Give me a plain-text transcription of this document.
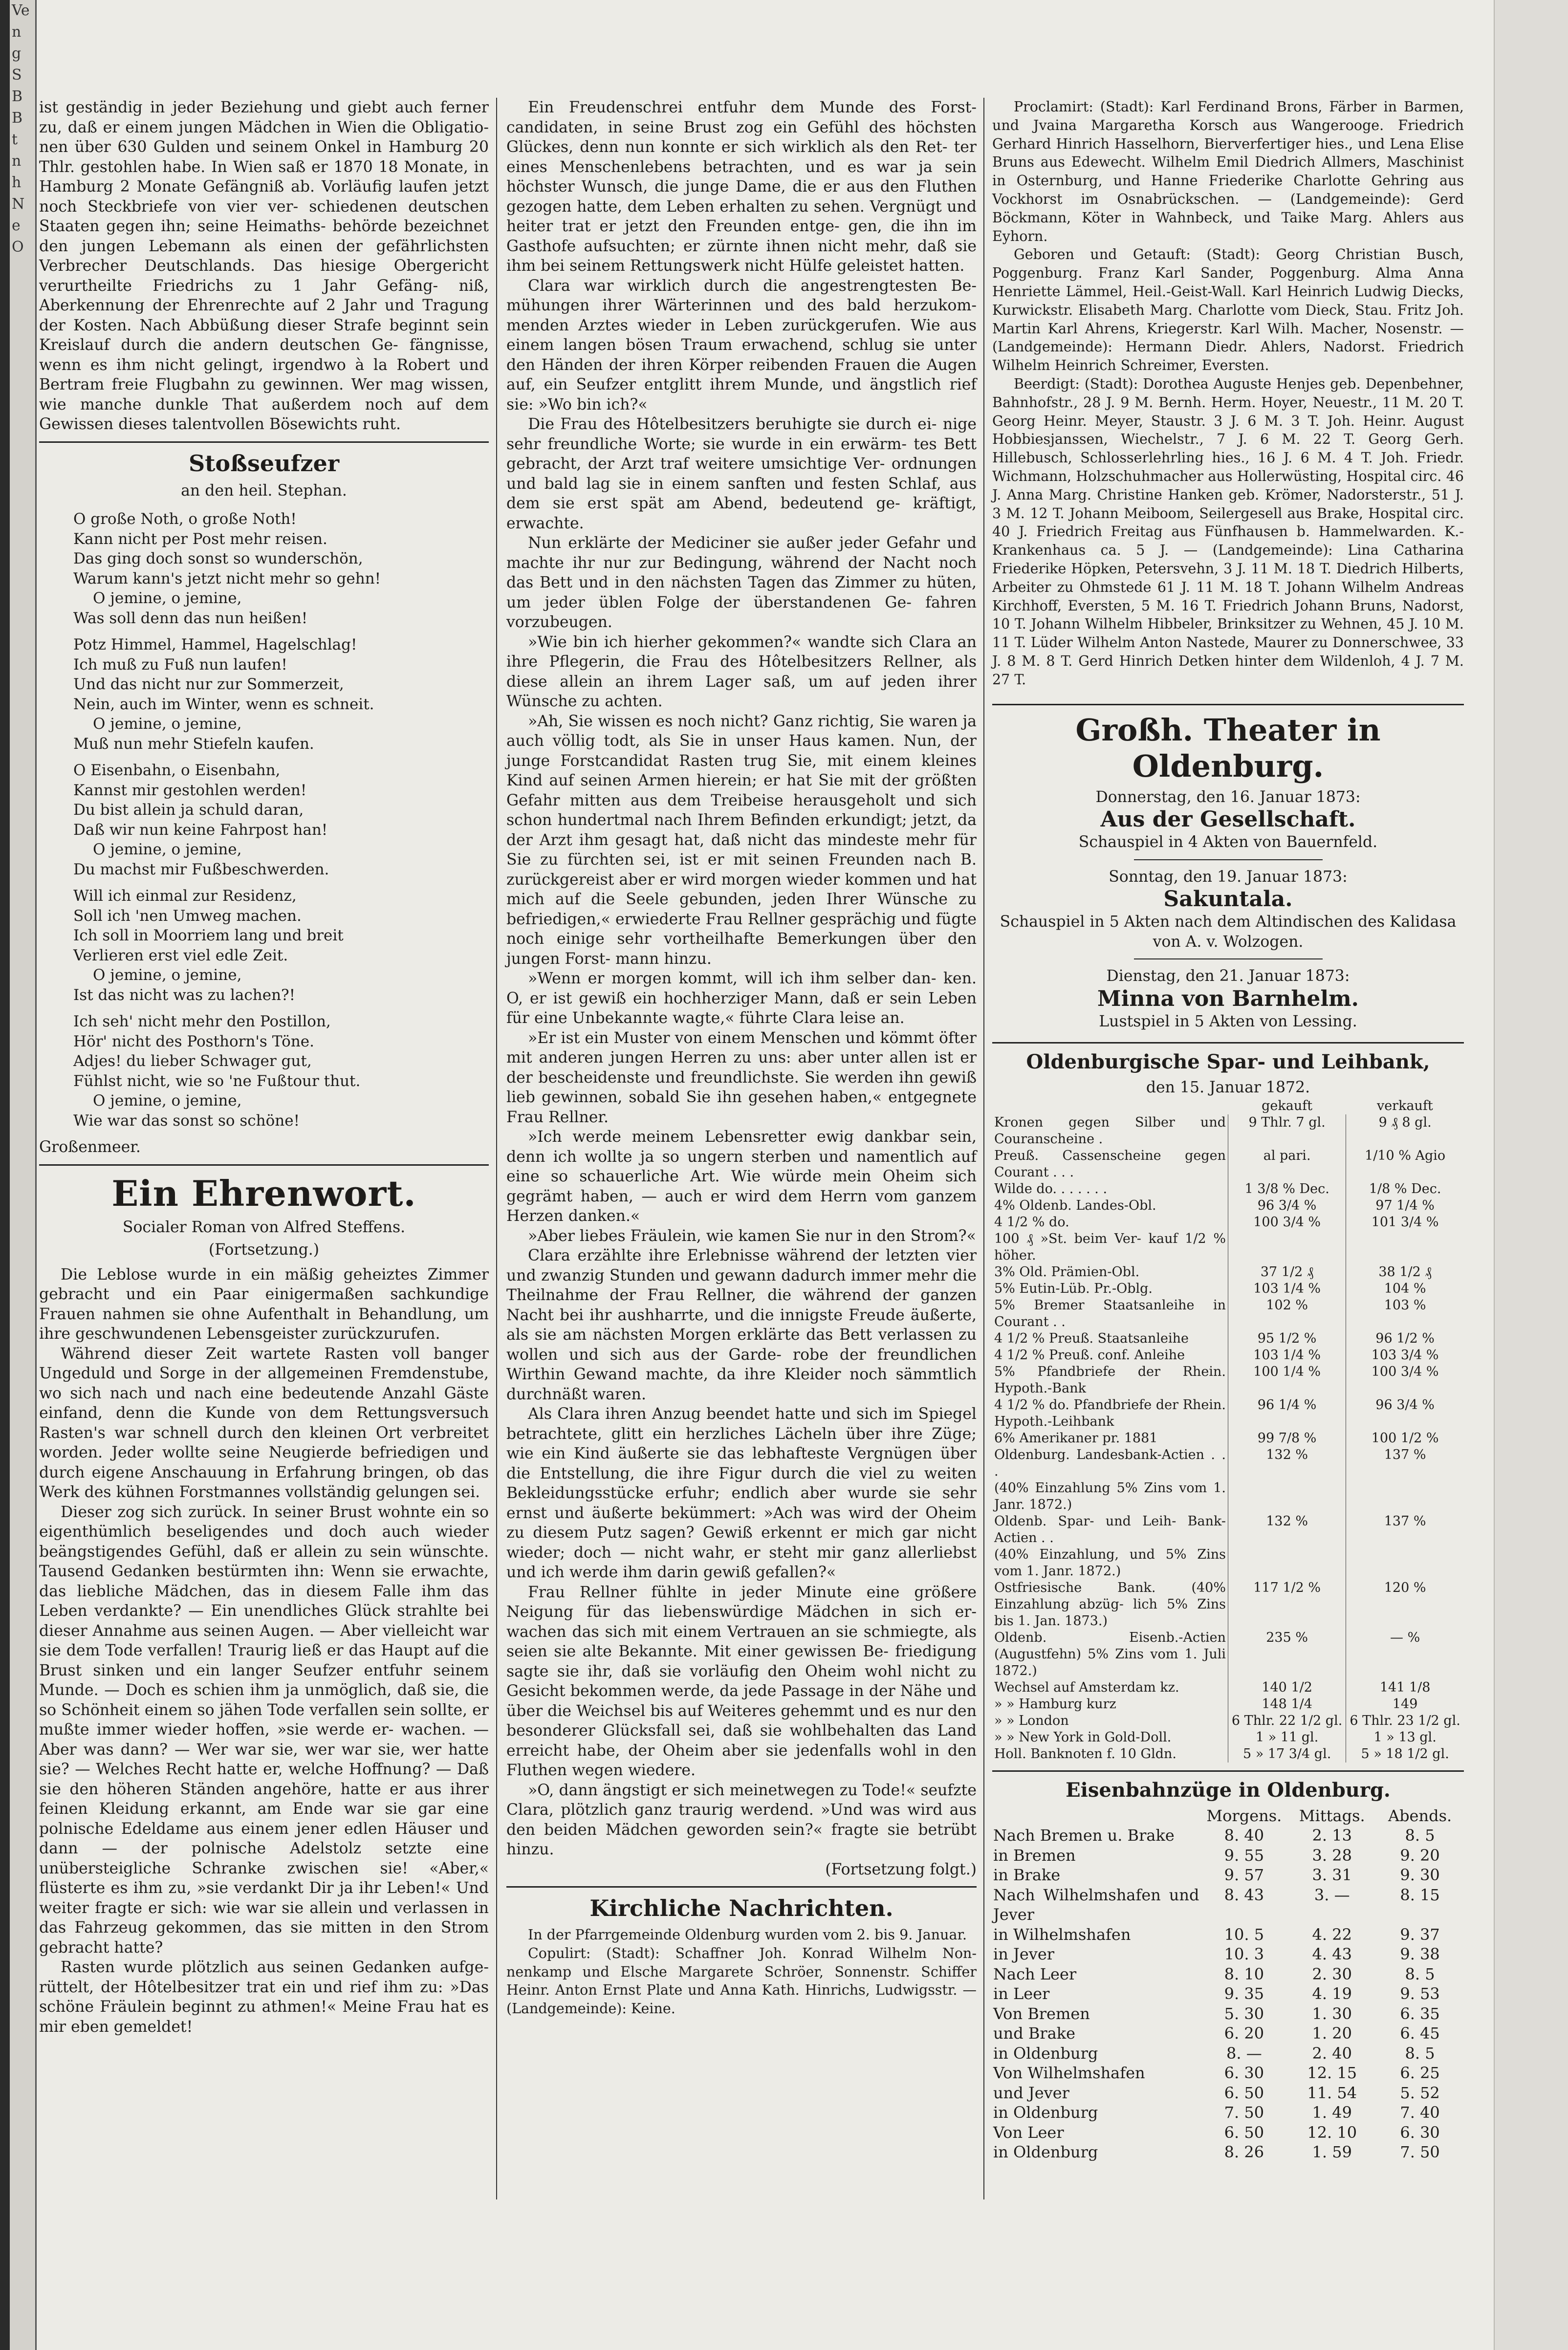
Ve
n
g
S
B
B
t
n
h
N
e
O

ist geständig in jeder Beziehung und giebt auch ferner zu, daß er einem jungen Mädchen in Wien die Obligatio- nen über 630 Gulden und seinem Onkel in Hamburg 20 Thlr. gestohlen habe. In Wien saß er 1870 18 Monate, in Hamburg 2 Monate Gefängniß ab. Vorläufig laufen jetzt noch Steckbriefe von vier ver- schiedenen deutschen Staaten gegen ihn; seine Heimaths- behörde bezeichnet den jungen Lebemann als einen der gefährlichsten Verbrecher Deutschlands. Das hiesige Obergericht verurtheilte Friedrichs zu 1 Jahr Gefäng- niß, Aberkennung der Ehrenrechte auf 2 Jahr und Tragung der Kosten. Nach Abbüßung dieser Strafe beginnt sein Kreislauf durch die andern deutschen Ge- fängnisse, wenn es ihm nicht gelingt, irgendwo à la Robert und Bertram freie Flugbahn zu gewinnen. Wer mag wissen, wie manche dunkle That außerdem noch auf dem Gewissen dieses talentvollen Bösewichts ruht.

Stoßseufzer
an den heil. Stephan.
O große Noth, o große Noth!
Kann nicht per Post mehr reisen.
Das ging doch sonst so wunderschön,
Warum kann's jetzt nicht mehr so gehn!
O jemine, o jemine,
Was soll denn das nun heißen!
Potz Himmel, Hammel, Hagelschlag!
Ich muß zu Fuß nun laufen!
Und das nicht nur zur Sommerzeit,
Nein, auch im Winter, wenn es schneit.
O jemine, o jemine,
Muß nun mehr Stiefeln kaufen.
O Eisenbahn, o Eisenbahn,
Kannst mir gestohlen werden!
Du bist allein ja schuld daran,
Daß wir nun keine Fahrpost han!
O jemine, o jemine,
Du machst mir Fußbeschwerden.
Will ich einmal zur Residenz,
Soll ich 'nen Umweg machen.
Ich soll in Moorriem lang und breit
Verlieren erst viel edle Zeit.
O jemine, o jemine,
Ist das nicht was zu lachen?!
Ich seh' nicht mehr den Postillon,
Hör' nicht des Posthorn's Töne.
Adjes! du lieber Schwager gut,
Fühlst nicht, wie so 'ne Fußtour thut.
O jemine, o jemine,
Wie war das sonst so schöne!
Großenmeer.
Ein Ehrenwort.
Socialer Roman von Alfred Steffens.
(Fortsetzung.)

Die Leblose wurde in ein mäßig geheiztes Zimmer gebracht und ein Paar einigermaßen sachkundige Frauen nahmen sie ohne Aufenthalt in Behandlung, um ihre geschwundenen Lebensgeister zurückzurufen.

Während dieser Zeit wartete Rasten voll banger Ungeduld und Sorge in der allgemeinen Fremdenstube, wo sich nach und nach eine bedeutende Anzahl Gäste einfand, denn die Kunde von dem Rettungsversuch Rasten's war schnell durch den kleinen Ort verbreitet worden. Jeder wollte seine Neugierde befriedigen und durch eigene Anschauung in Erfahrung bringen, ob das Werk des kühnen Forstmannes vollständig gelungen sei.

Dieser zog sich zurück. In seiner Brust wohnte ein so eigenthümlich beseligendes und doch auch wieder beängstigendes Gefühl, daß er allein zu sein wünschte. Tausend Gedanken bestürmten ihn: Wenn sie erwachte, das liebliche Mädchen, das in diesem Falle ihm das Leben verdankte? — Ein unendliches Glück strahlte bei dieser Annahme aus seinen Augen. — Aber vielleicht war sie dem Tode verfallen! Traurig ließ er das Haupt auf die Brust sinken und ein langer Seufzer entfuhr seinem Munde. — Doch es schien ihm ja unmöglich, daß sie, die so Schönheit einem so jähen Tode verfallen sein sollte, er mußte immer wieder hoffen, »sie werde er- wachen. — Aber was dann? — Wer war sie, wer war sie, wer hatte sie? — Welches Recht hatte er, welche Hoffnung? — Daß sie den höheren Ständen angehöre, hatte er aus ihrer feinen Kleidung erkannt, am Ende war sie gar eine polnische Edeldame aus einem jener edlen Häuser und dann — der polnische Adelstolz setzte eine unübersteigliche Schranke zwischen sie! «Aber,« flüsterte es ihm zu, »sie verdankt Dir ja ihr Leben!« Und weiter fragte er sich: wie war sie allein und verlassen in das Fahrzeug gekommen, das sie mitten in den Strom gebracht hatte?

Rasten wurde plötzlich aus seinen Gedanken aufge- rüttelt, der Hôtelbesitzer trat ein und rief ihm zu: »Das schöne Fräulein beginnt zu athmen!« Meine Frau hat es mir eben gemeldet!

Ein Freudenschrei entfuhr dem Munde des Forst- candidaten, in seine Brust zog ein Gefühl des höchsten Glückes, denn nun konnte er sich wirklich als den Ret- ter eines Menschenlebens betrachten, und es war ja sein höchster Wunsch, die junge Dame, die er aus den Fluthen gezogen hatte, dem Leben erhalten zu sehen. Vergnügt und heiter trat er jetzt den Freunden entge- gen, die ihn im Gasthofe aufsuchten; er zürnte ihnen nicht mehr, daß sie ihm bei seinem Rettungswerk nicht Hülfe geleistet hatten.

Clara war wirklich durch die angestrengtesten Be- mühungen ihrer Wärterinnen und des bald herzukom- menden Arztes wieder in Leben zurückgerufen. Wie aus einem langen bösen Traum erwachend, schlug sie unter den Händen der ihren Körper reibenden Frauen die Augen auf, ein Seufzer entglitt ihrem Munde, und ängstlich rief sie: »Wo bin ich?«

Die Frau des Hôtelbesitzers beruhigte sie durch ei- nige sehr freundliche Worte; sie wurde in ein erwärm- tes Bett gebracht, der Arzt traf weitere umsichtige Ver- ordnungen und bald lag sie in einem sanften und festen Schlaf, aus dem sie erst spät am Abend, bedeutend ge- kräftigt, erwachte.

Nun erklärte der Mediciner sie außer jeder Gefahr und machte ihr nur zur Bedingung, während der Nacht noch das Bett und in den nächsten Tagen das Zimmer zu hüten, um jeder üblen Folge der überstandenen Ge- fahren vorzubeugen.

»Wie bin ich hierher gekommen?« wandte sich Clara an ihre Pflegerin, die Frau des Hôtelbesitzers Rellner, als diese allein an ihrem Lager saß, um auf jeden ihrer Wünsche zu achten.

»Ah, Sie wissen es noch nicht? Ganz richtig, Sie waren ja auch völlig todt, als Sie in unser Haus kamen. Nun, der junge Forstcandidat Rasten trug Sie, mit einem kleines Kind auf seinen Armen hierein; er hat Sie mit der größten Gefahr mitten aus dem Treibeise herausgeholt und sich schon hundertmal nach Ihrem Befinden erkundigt; jetzt, da der Arzt ihm gesagt hat, daß nicht das mindeste mehr für Sie zu fürchten sei, ist er mit seinen Freunden nach B. zurückgereist aber er wird morgen wieder kommen und hat mich auf die Seele gebunden, jeden Ihrer Wünsche zu befriedigen,« erwiederte Frau Rellner gesprächig und fügte noch einige sehr vortheilhafte Bemerkungen über den jungen Forst- mann hinzu.

»Wenn er morgen kommt, will ich ihm selber dan- ken. O, er ist gewiß ein hochherziger Mann, daß er sein Leben für eine Unbekannte wagte,« führte Clara leise an.

»Er ist ein Muster von einem Menschen und kömmt öfter mit anderen jungen Herren zu uns: aber unter allen ist er der bescheidenste und freundlichste. Sie werden ihn gewiß lieb gewinnen, sobald Sie ihn gesehen haben,« entgegnete Frau Rellner.

»Ich werde meinem Lebensretter ewig dankbar sein, denn ich wollte ja so ungern sterben und namentlich auf eine so schauerliche Art. Wie würde mein Oheim sich gegrämt haben, — auch er wird dem Herrn vom ganzem Herzen danken.«

»Aber liebes Fräulein, wie kamen Sie nur in den Strom?«

Clara erzählte ihre Erlebnisse während der letzten vier und zwanzig Stunden und gewann dadurch immer mehr die Theilnahme der Frau Rellner, die während der ganzen Nacht bei ihr aushharrte, und die innigste Freude äußerte, als sie am nächsten Morgen erklärte das Bett verlassen zu wollen und sich aus der Garde- robe der freundlichen Wirthin Gewand machte, da ihre Kleider noch sämmtlich durchnäßt waren.

Als Clara ihren Anzug beendet hatte und sich im Spiegel betrachtete, glitt ein herzliches Lächeln über ihre Züge; wie ein Kind äußerte sie das lebhafteste Vergnügen über die Entstellung, die ihre Figur durch die viel zu weiten Bekleidungsstücke erfuhr; endlich aber wurde sie sehr ernst und äußerte bekümmert: »Ach was wird der Oheim zu diesem Putz sagen? Gewiß erkennt er mich gar nicht wieder; doch — nicht wahr, er steht mir ganz allerliebst und ich werde ihm darin gewiß gefallen?«

Frau Rellner fühlte in jeder Minute eine größere Neigung für das liebenswürdige Mädchen in sich er- wachen das sich mit einem Vertrauen an sie schmiegte, als seien sie alte Bekannte. Mit einer gewissen Be- friedigung sagte sie ihr, daß sie vorläufig den Oheim wohl nicht zu Gesicht bekommen werde, da jede Passage in der Nähe und über die Weichsel bis auf Weiteres gehemmt und es nur den besonderer Glücksfall sei, daß sie wohlbehalten das Land erreicht habe, der Oheim aber sie jedenfalls wohl in den Fluthen wegen wiedere.

»O, dann ängstigt er sich meinetwegen zu Tode!« seufzte Clara, plötzlich ganz traurig werdend. »Und was wird aus den beiden Mädchen geworden sein?« fragte sie betrübt hinzu.

(Fortsetzung folgt.)

Kirchliche Nachrichten.

In der Pfarrgemeinde Oldenburg wurden vom 2. bis 9. Januar.

Copulirt: (Stadt): Schaffner Joh. Konrad Wilhelm Non- nenkamp und Elsche Margarete Schröer, Sonnenstr. Schiffer Heinr. Anton Ernst Plate und Anna Kath. Hinrichs, Ludwigsstr. — (Landgemeinde): Keine.

Proclamirt: (Stadt): Karl Ferdinand Brons, Färber in Barmen, und Jvaina Margaretha Korsch aus Wangerooge. Friedrich Gerhard Hinrich Hasselhorn, Bierverfertiger hies., und Lena Elise Bruns aus Edewecht. Wilhelm Emil Diedrich Allmers, Maschinist in Osternburg, und Hanne Friederike Charlotte Gehring aus Vockhorst im Osnabrückschen. — (Landgemeinde): Gerd Böckmann, Köter in Wahnbeck, und Taike Marg. Ahlers aus Eyhorn.

Geboren und Getauft: (Stadt): Georg Christian Busch, Poggenburg. Franz Karl Sander, Poggenburg. Alma Anna Henriette Lämmel, Heil.-Geist-Wall. Karl Heinrich Ludwig Diecks, Kurwickstr. Elisabeth Marg. Charlotte vom Dieck, Stau. Fritz Joh. Martin Karl Ahrens, Kriegerstr. Karl Wilh. Macher, Nosenstr. — (Landgemeinde): Hermann Diedr. Ahlers, Nadorst. Friedrich Wilhelm Heinrich Schreimer, Eversten.

Beerdigt: (Stadt): Dorothea Auguste Henjes geb. Depenbehner, Bahnhofstr., 28 J. 9 M. Bernh. Herm. Hoyer, Neuestr., 11 M. 20 T. Georg Heinr. Meyer, Staustr. 3 J. 6 M. 3 T. Joh. Heinr. August Hobbiesjanssen, Wiechelstr., 7 J. 6 M. 22 T. Georg Gerh. Hillebusch, Schlosserlehrling hies., 16 J. 6 M. 4 T. Joh. Friedr. Wichmann, Holzschuhmacher aus Hollerwüsting, Hospital circ. 46 J. Anna Marg. Christine Hanken geb. Krömer, Nadorsterstr., 51 J. 3 M. 12 T. Johann Meiboom, Seilergesell aus Brake, Hospital circ. 40 J. Friedrich Freitag aus Fünfhausen b. Hammelwarden. K.-Krankenhaus ca. 5 J. — (Landgemeinde): Lina Catharina Friederike Höpken, Petersvehn, 3 J. 11 M. 18 T. Diedrich Hilberts, Arbeiter zu Ohmstede 61 J. 11 M. 18 T. Johann Wilhelm Andreas Kirchhoff, Eversten, 5 M. 16 T. Friedrich Johann Bruns, Nadorst, 10 T. Johann Wilhelm Hibbeler, Brinksitzer zu Wehnen, 45 J. 10 M. 11 T. Lüder Wilhelm Anton Nastede, Maurer zu Donnerschwee, 33 J. 8 M. 8 T. Gerd Hinrich Detken hinter dem Wildenloh, 4 J. 7 M. 27 T.

Großh. Theater in Oldenburg.
Donnerstag, den 16. Januar 1873:
Aus der Gesellschaft.
Schauspiel in 4 Akten von Bauernfeld.
Sonntag, den 19. Januar 1873:
Sakuntala.
Schauspiel in 5 Akten nach dem Altindischen des Kalidasa von A. v. Wolzogen.
Dienstag, den 21. Januar 1873:
Minna von Barnhelm.
Lustspiel in 5 Akten von Lessing.
Oldenburgische Spar- und Leihbank,
den 15. Januar 1872.
	gekauft	verkauft
Kronen gegen Silber und Couranscheine .	9 Thlr. 7 gl.	9 ₰ 8 gl.
Preuß. Cassenscheine gegen Courant . . .	al pari.	1/10 % Agio
Wilde do. . . . . . .	1 3/8 % Dec.	1/8 % Dec.
4% Oldenb. Landes-Obl.	96 3/4 %	97 1/4 %
4 1/2 % do.	100 3/4 %	101 3/4 %
100 ₰ »St. beim Ver- kauf 1/2 % höher.		
3% Old. Prämien-Obl.	37 1/2 ₰	38 1/2 ₰
5% Eutin-Lüb. Pr.-Oblg.	103 1/4 %	104 %
5% Bremer Staatsanleihe in Courant . .	102 %	103 %
4 1/2 % Preuß. Staatsanleihe	95 1/2 %	96 1/2 %
4 1/2 % Preuß. conf. Anleihe	103 1/4 %	103 3/4 %
5% Pfandbriefe der Rhein. Hypoth.-Bank	100 1/4 %	100 3/4 %
4 1/2 % do. Pfandbriefe der Rhein. Hypoth.-Leihbank	96 1/4 %	96 3/4 %
6% Amerikaner pr. 1881	99 7/8 %	100 1/2 %
Oldenburg. Landesbank-Actien . . .	132 %	137 %
(40% Einzahlung 5% Zins vom 1. Janr. 1872.)		
Oldenb. Spar- und Leih- Bank-Actien . .	132 %	137 %
(40% Einzahlung, und 5% Zins vom 1. Janr. 1872.)		
Ostfriesische Bank. (40% Einzahlung abzüg- lich 5% Zins bis 1. Jan. 1873.)	117 1/2 %	120 %
Oldenb. Eisenb.-Actien (Augustfehn) 5% Zins vom 1. Juli 1872.)	235 %	— %
Wechsel auf Amsterdam kz.	140 1/2	141 1/8
» » Hamburg kurz	148 1/4	149
» » London	6 Thlr. 22 1/2 gl.	6 Thlr. 23 1/2 gl.
» » New York in Gold-Doll.	1 » 11 gl.	1 » 13 gl.
Holl. Banknoten f. 10 Gldn.	5 » 17 3/4 gl.	5 » 18 1/2 gl.
Eisenbahnzüge in Oldenburg.
	Morgens.	Mittags.	Abends.
Nach Bremen u. Brake	8. 40	2. 13	8. 5
in Bremen	9. 55	3. 28	9. 20
in Brake	9. 57	3. 31	9. 30
Nach Wilhelmshafen und Jever	8. 43	3. —	8. 15
in Wilhelmshafen	10. 5	4. 22	9. 37
in Jever	10. 3	4. 43	9. 38
Nach Leer	8. 10	2. 30	8. 5
in Leer	9. 35	4. 19	9. 53
Von Bremen	5. 30	1. 30	6. 35
und Brake	6. 20	1. 20	6. 45
in Oldenburg	8. —	2. 40	8. 5
Von Wilhelmshafen	6. 30	12. 15	6. 25
und Jever	6. 50	11. 54	5. 52
in Oldenburg	7. 50	1. 49	7. 40
Von Leer	6. 50	12. 10	6. 30
in Oldenburg	8. 26	1. 59	7. 50
